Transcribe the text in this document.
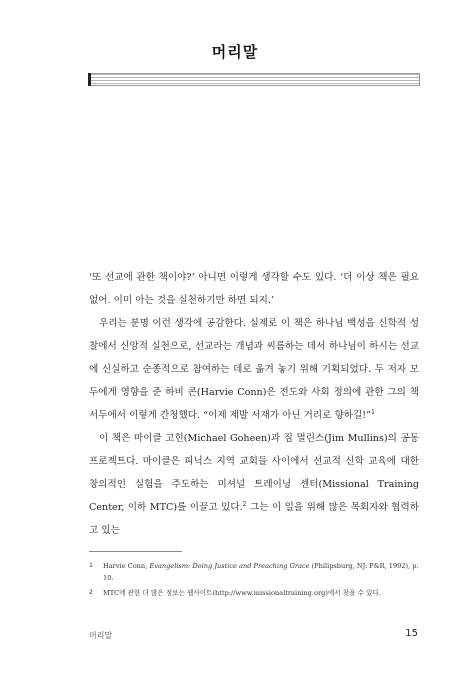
머리말

‘또 선교에 관한 책이야?’ 아니면 이렇게 생각할 수도 있다. ‘더 이상 책은 필요 없어. 이미 아는 것을 실천하기만 하면 되지.’

우리는 분명 이런 생각에 공감한다. 실제로 이 책은 하나님 백성을 신학적 성찰에서 신앙적 실천으로, 선교라는 개념과 씨름하는 데서 하나님이 하시는 선교에 신실하고 순종적으로 참여하는 데로 옮겨 놓기 위해 기획되었다. 두 저자 모두에게 영향을 준 하비 콘(Harvie Conn)은 전도와 사회 정의에 관한 그의 책 서두에서 이렇게 간청했다. “이제 제발 서재가 아닌 거리로 향하길!”$^1$

이 책은 마이클 고힌(Michael Goheen)과 짐 멀린스(Jim Mullins)의 공동 프로젝트다. 마이클은 피닉스 지역 교회들 사이에서 선교적 신학 교육에 대한 창의적인 실험을 주도하는 미셔널 트레이닝 센터(Missional Training Center, 이하 MTC)를 이끌고 있다.$^2$ 그는 이 일을 위해 많은 목회자와 협력하고 있는

1 Harvie Conn, Evangelism: Doing Justice and Preaching Grace (Philipsburg, NJ: P&R, 1992), p. 10.
2 MTC에 관한 더 많은 정보는 웹사이트(http://www.missionaltraining.org)에서 찾을 수 있다.
머리말	15
